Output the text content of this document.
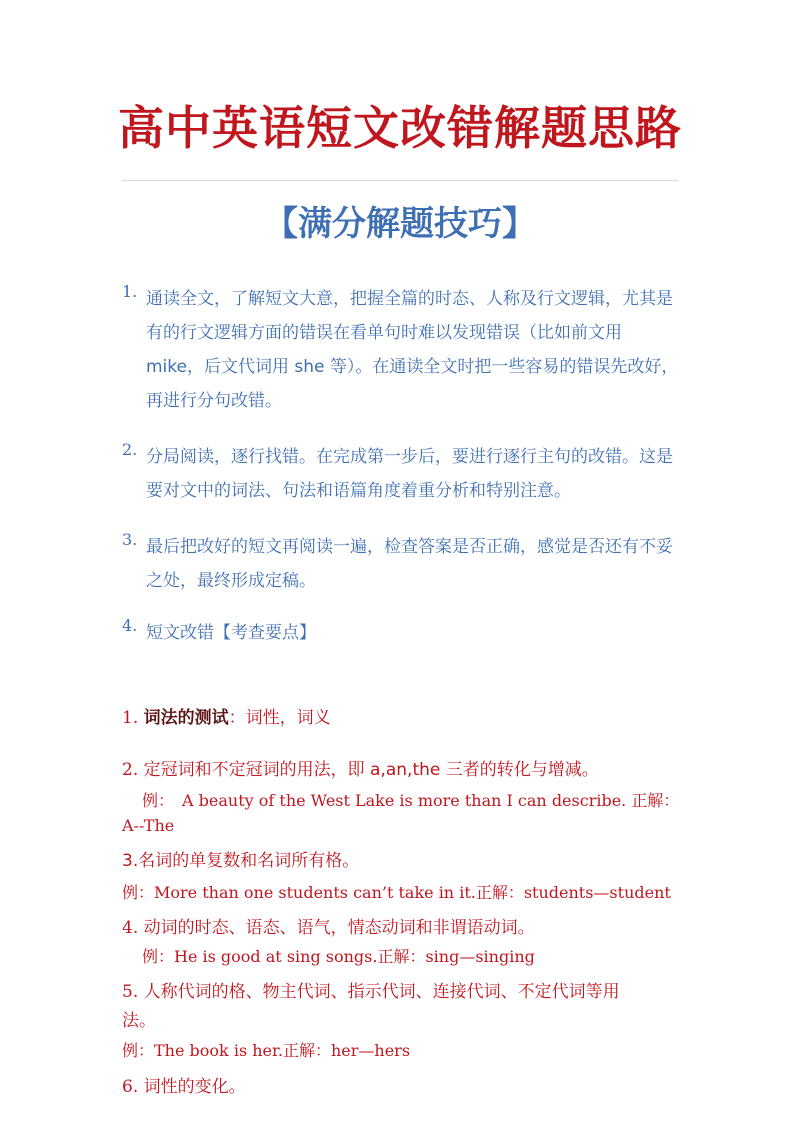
高中英语短文改错解题思路
【满分解题技巧】
1. 通读全文，了解短文大意，把握全篇的时态、人称及行文逻辑，尤其是有的行文逻辑方面的错误在看单句时难以发现错误（比如前文用 mike，后文代词用 she 等）。在通读全文时把一些容易的错误先改好，再进行分句改错。
2. 分局阅读，逐行找错。在完成第一步后，要进行逐行主句的改错。这是要对文中的词法、句法和语篇角度着重分析和特别注意。
3. 最后把改好的短文再阅读一遍，检查答案是否正确，感觉是否还有不妥之处，最终形成定稿。
4. 短文改错【考查要点】
1. 词法的测试：词性，词义
2. 定冠词和不定冠词的用法，即 a,an,the 三者的转化与增减。
例：　A beauty of the West Lake is more than I can describe. 正解：
A--The
3.名词的单复数和名词所有格。
例：More than one students can’t take in it.正解：students—student
4. 动词的时态、语态、语气，情态动词和非谓语动词。
例：He is good at sing songs.正解：sing—singing
5. 人称代词的格、物主代词、指示代词、连接代词、不定代词等用
法。
例：The book is her.正解：her—hers
6. 词性的变化。
